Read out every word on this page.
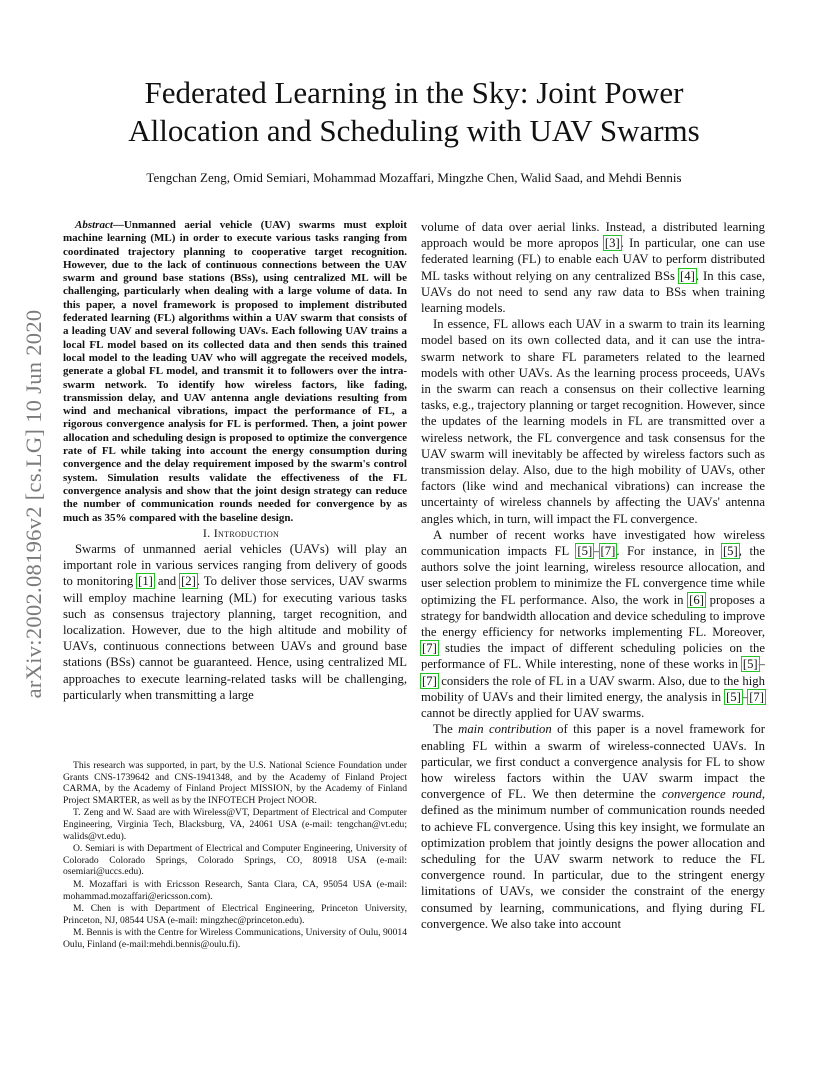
arXiv:2002.08196v2 [cs.LG] 10 Jun 2020
Federated Learning in the Sky: Joint Power
Allocation and Scheduling with UAV Swarms

Tengchan Zeng, Omid Semiari, Mohammad Mozaffari, Mingzhe Chen, Walid Saad, and Mehdi Bennis

Abstract—Unmanned aerial vehicle (UAV) swarms must exploit machine learning (ML) in order to execute various tasks ranging from coordinated trajectory planning to cooperative target recognition. However, due to the lack of continuous connections between the UAV swarm and ground base stations (BSs), using centralized ML will be challenging, particularly when dealing with a large volume of data. In this paper, a novel framework is proposed to implement distributed federated learning (FL) algorithms within a UAV swarm that consists of a leading UAV and several following UAVs. Each following UAV trains a local FL model based on its collected data and then sends this trained local model to the leading UAV who will aggregate the received models, generate a global FL model, and transmit it to followers over the intra-swarm network. To identify how wireless factors, like fading, transmission delay, and UAV antenna angle deviations resulting from wind and mechanical vibrations, impact the performance of FL, a rigorous convergence analysis for FL is performed. Then, a joint power allocation and scheduling design is proposed to optimize the convergence rate of FL while taking into account the energy consumption during convergence and the delay requirement imposed by the swarm's control system. Simulation results validate the effectiveness of the FL convergence analysis and show that the joint design strategy can reduce the number of communication rounds needed for convergence by as much as 35% compared with the baseline design.

I. Introduction

Swarms of unmanned aerial vehicles (UAVs) will play an important role in various services ranging from delivery of goods to monitoring [1] and [2]. To deliver those services, UAV swarms will employ machine learning (ML) for executing various tasks such as consensus trajectory planning, target recognition, and localization. However, due to the high altitude and mobility of UAVs, continuous connections between UAVs and ground base stations (BSs) cannot be guaranteed. Hence, using centralized ML approaches to execute learning-related tasks will be challenging, particularly when transmitting a large

This research was supported, in part, by the U.S. National Science Foundation under Grants CNS-1739642 and CNS-1941348, and by the Academy of Finland Project CARMA, by the Academy of Finland Project MISSION, by the Academy of Finland Project SMARTER, as well as by the INFOTECH Project NOOR.

T. Zeng and W. Saad are with Wireless@VT, Department of Electrical and Computer Engineering, Virginia Tech, Blacksburg, VA, 24061 USA (e-mail: tengchan@vt.edu; walids@vt.edu).

O. Semiari is with Department of Electrical and Computer Engineering, University of Colorado Colorado Springs, Colorado Springs, CO, 80918 USA (e-mail: osemiari@uccs.edu).

M. Mozaffari is with Ericsson Research, Santa Clara, CA, 95054 USA (e-mail: mohammad.mozaffari@ericsson.com).

M. Chen is with Department of Electrical Engineering, Princeton University, Princeton, NJ, 08544 USA (e-mail: mingzhec@princeton.edu).

M. Bennis is with the Centre for Wireless Communications, University of Oulu, 90014 Oulu, Finland (e-mail:mehdi.bennis@oulu.fi).

volume of data over aerial links. Instead, a distributed learning approach would be more apropos [3]. In particular, one can use federated learning (FL) to enable each UAV to perform distributed ML tasks without relying on any centralized BSs [4]. In this case, UAVs do not need to send any raw data to BSs when training learning models.

In essence, FL allows each UAV in a swarm to train its learning model based on its own collected data, and it can use the intra-swarm network to share FL parameters related to the learned models with other UAVs. As the learning process proceeds, UAVs in the swarm can reach a consensus on their collective learning tasks, e.g., trajectory planning or target recognition. However, since the updates of the learning models in FL are transmitted over a wireless network, the FL convergence and task consensus for the UAV swarm will inevitably be affected by wireless factors such as transmission delay. Also, due to the high mobility of UAVs, other factors (like wind and mechanical vibrations) can increase the uncertainty of wireless channels by affecting the UAVs' antenna angles which, in turn, will impact the FL convergence.

A number of recent works have investigated how wireless communication impacts FL [5]–[7]. For instance, in [5], the authors solve the joint learning, wireless resource allocation, and user selection problem to minimize the FL convergence time while optimizing the FL performance. Also, the work in [6] proposes a strategy for bandwidth allocation and device scheduling to improve the energy efficiency for networks implementing FL. Moreover, [7] studies the impact of different scheduling policies on the performance of FL. While interesting, none of these works in [5]–[7] considers the role of FL in a UAV swarm. Also, due to the high mobility of UAVs and their limited energy, the analysis in [5]–[7] cannot be directly applied for UAV swarms.

The main contribution of this paper is a novel framework for enabling FL within a swarm of wireless-connected UAVs. In particular, we first conduct a convergence analysis for FL to show how wireless factors within the UAV swarm impact the convergence of FL. We then determine the convergence round, defined as the minimum number of communication rounds needed to achieve FL convergence. Using this key insight, we formulate an optimization problem that jointly designs the power allocation and scheduling for the UAV swarm network to reduce the FL convergence round. In particular, due to the stringent energy limitations of UAVs, we consider the constraint of the energy consumed by learning, communications, and flying during FL convergence. We also take into account
